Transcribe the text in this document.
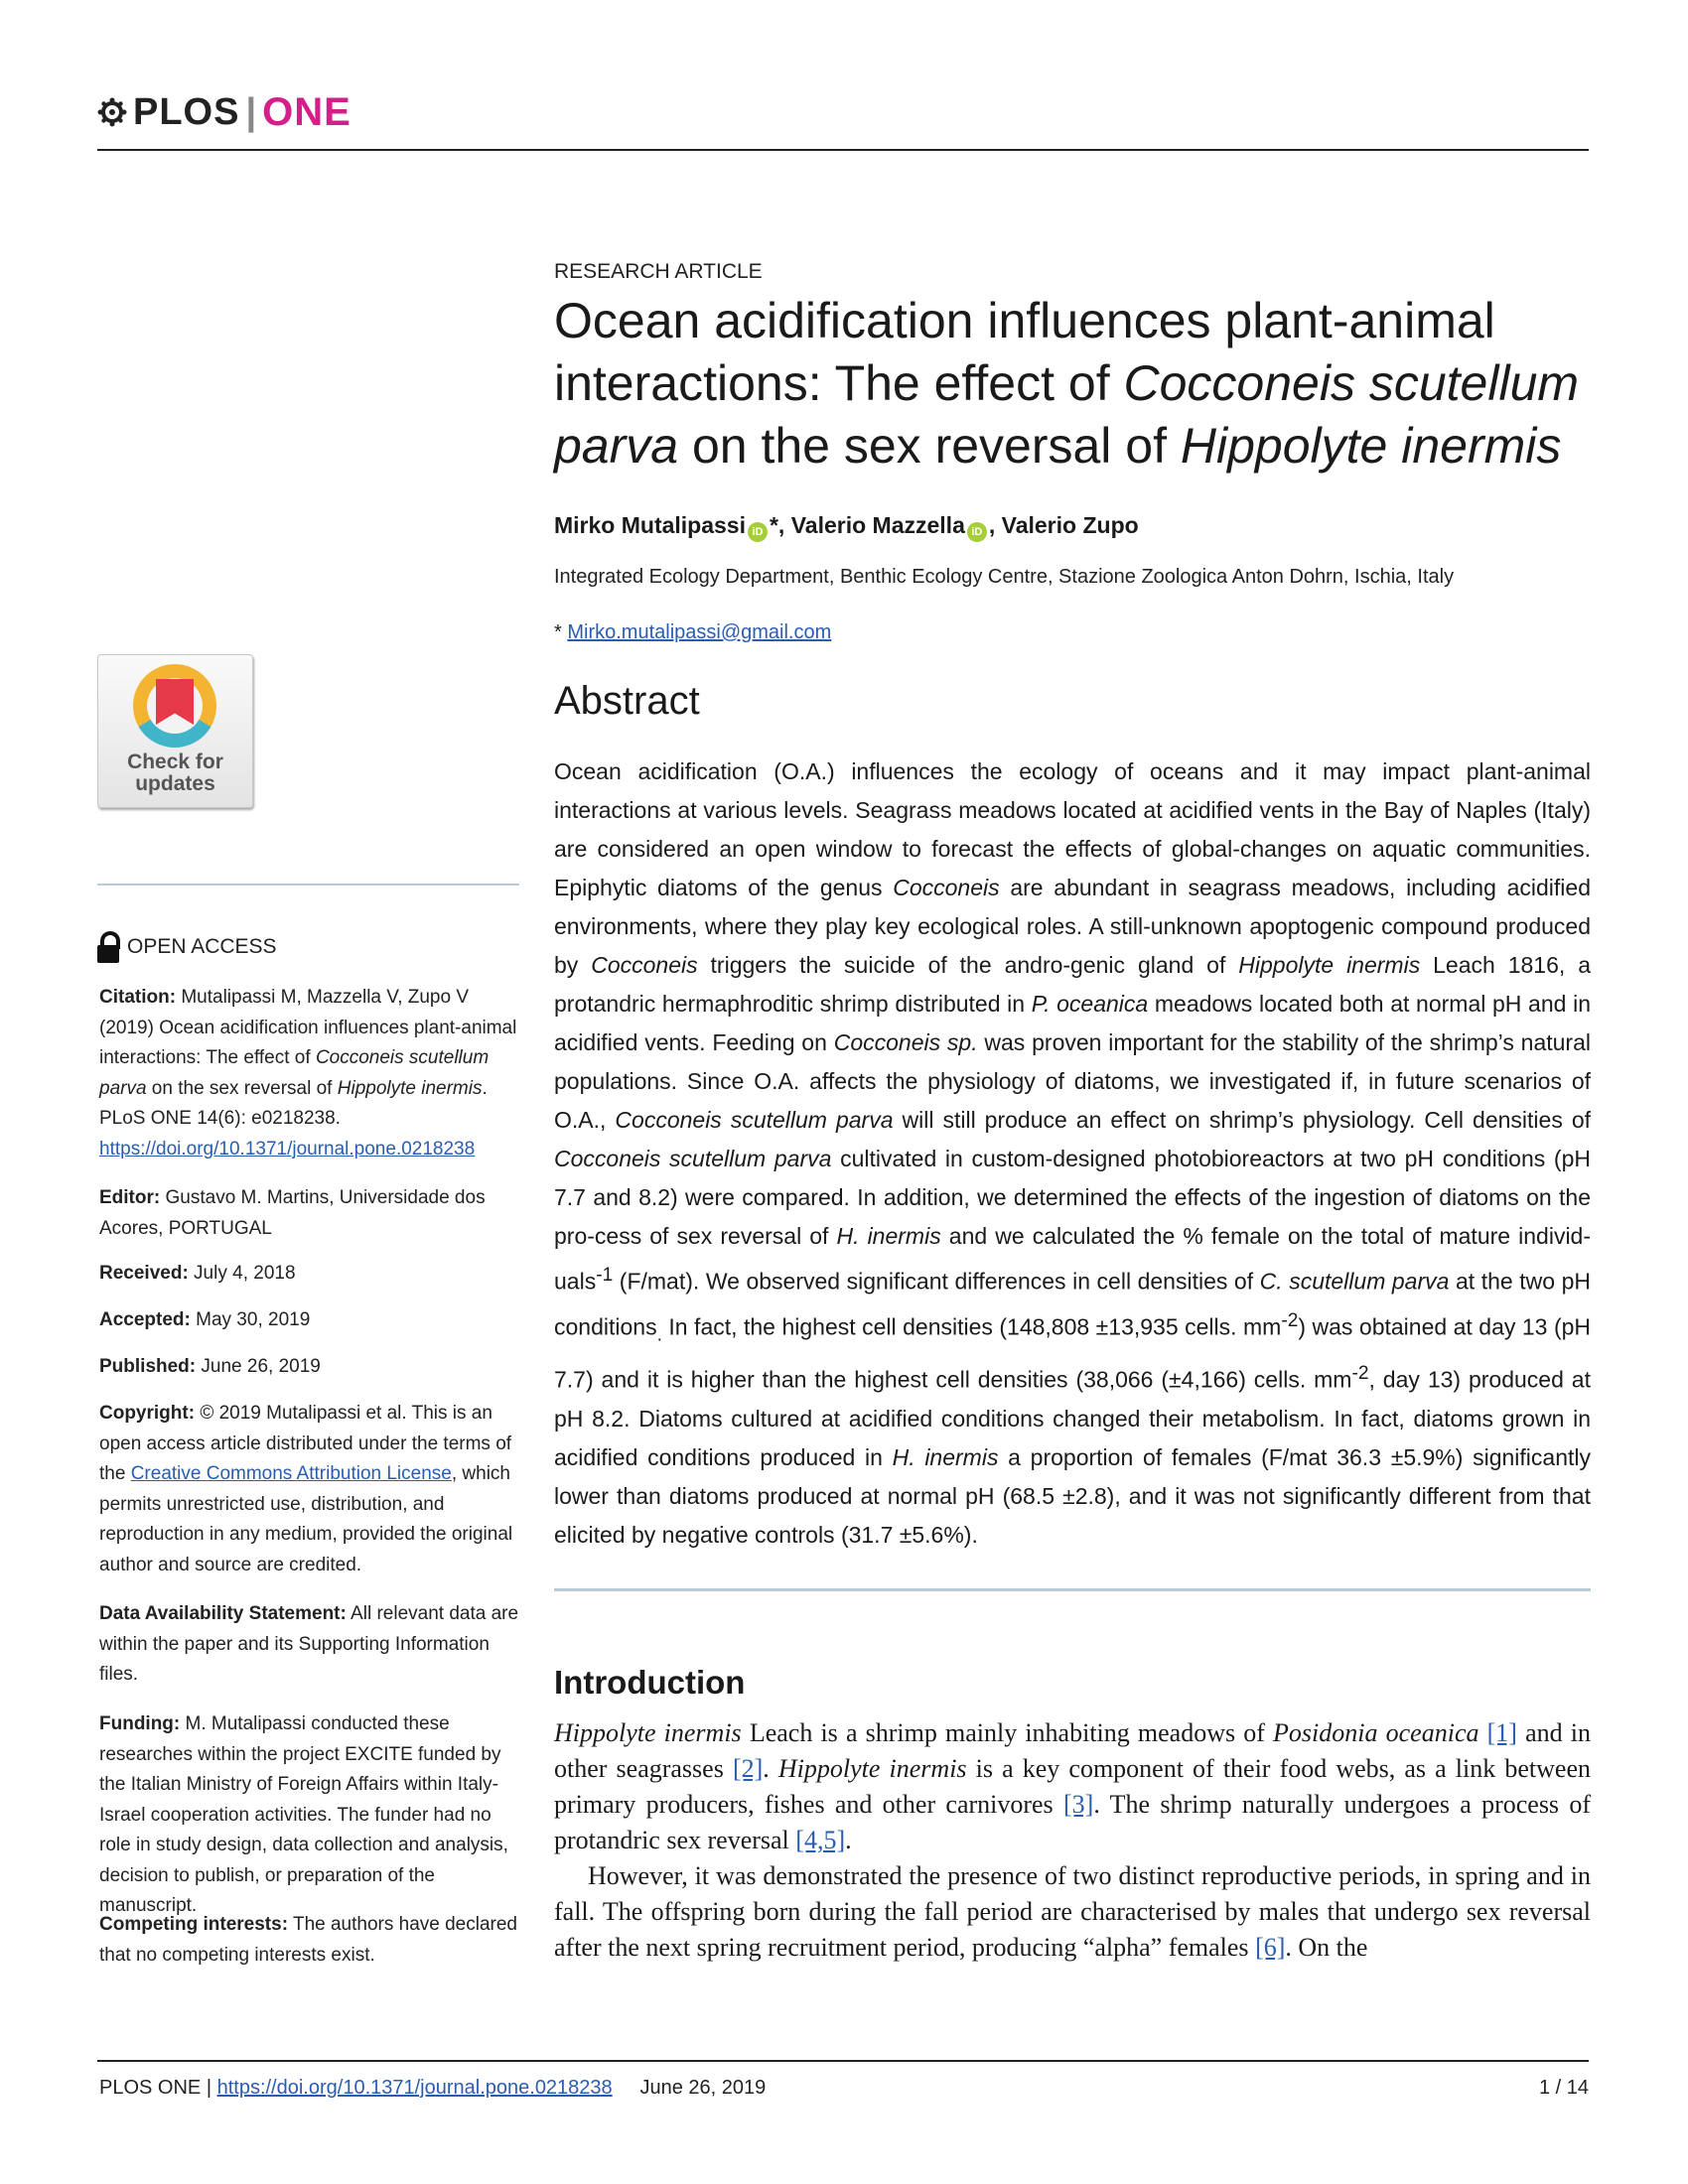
PLOS | ONE
RESEARCH ARTICLE
Ocean acidification influences plant-animal interactions: The effect of Cocconeis scutellum parva on the sex reversal of Hippolyte inermis
Mirko Mutalipassi iD *, Valerio Mazzella iD , Valerio Zupo
Integrated Ecology Department, Benthic Ecology Centre, Stazione Zoologica Anton Dohrn, Ischia, Italy
* Mirko.mutalipassi@gmail.com
Abstract

Ocean acidification (O.A.) influences the ecology of oceans and it may impact plant-animal interactions at various levels. Seagrass meadows located at acidified vents in the Bay of Naples (Italy) are considered an open window to forecast the effects of global-changes on aquatic communities. Epiphytic diatoms of the genus Cocconeis are abundant in seagrass meadows, including acidified environments, where they play key ecological roles. A still-unknown apoptogenic compound produced by Cocconeis triggers the suicide of the andro-genic gland of Hippolyte inermis Leach 1816, a protandric hermaphroditic shrimp distributed in P. oceanica meadows located both at normal pH and in acidified vents. Feeding on Cocconeis sp. was proven important for the stability of the shrimp’s natural populations. Since O.A. affects the physiology of diatoms, we investigated if, in future scenarios of O.A., Cocconeis scutellum parva will still produce an effect on shrimp’s physiology. Cell densities of Cocconeis scutellum parva cultivated in custom-designed photobioreactors at two pH conditions (pH 7.7 and 8.2) were compared. In addition, we determined the effects of the ingestion of diatoms on the pro-cess of sex reversal of H. inermis and we calculated the % female on the total of mature individ-uals$^{-1}$ (F/mat). We observed significant differences in cell densities of C. scutellum parva at the two pH conditions$_.$ In fact, the highest cell densities (148,808 ±13,935 cells. $mm^{-2}$) was obtained at day 13 (pH 7.7) and it is higher than the highest cell densities (38,066 (±4,166) cells. $mm^{-2}$, day 13) produced at pH 8.2. Diatoms cultured at acidified conditions changed their metabolism. In fact, diatoms grown in acidified conditions produced in H. inermis a proportion of females (F/mat 36.3 ±5.9%) significantly lower than diatoms produced at normal pH (68.5 ±2.8), and it was not significantly different from that elicited by negative controls (31.7 ±5.6%).

Introduction

Hippolyte inermis Leach is a shrimp mainly inhabiting meadows of Posidonia oceanica [1] and in other seagrasses [2]. Hippolyte inermis is a key component of their food webs, as a link between primary producers, fishes and other carnivores [3]. The shrimp naturally undergoes a process of protandric sex reversal [4,5].

However, it was demonstrated the presence of two distinct reproductive periods, in spring and in fall. The offspring born during the fall period are characterised by males that undergo sex reversal after the next spring recruitment period, producing “alpha” females [6]. On the

Check for updates
OPEN ACCESS

Citation: Mutalipassi M, Mazzella V, Zupo V (2019) Ocean acidification influences plant-animal interactions: The effect of Cocconeis scutellum parva on the sex reversal of Hippolyte inermis. PLoS ONE 14(6): e0218238. https://doi.org/10.1371/journal.pone.0218238

Editor: Gustavo M. Martins, Universidade dos Acores, PORTUGAL

Received: July 4, 2018

Accepted: May 30, 2019

Published: June 26, 2019

Copyright: © 2019 Mutalipassi et al. This is an open access article distributed under the terms of the Creative Commons Attribution License, which permits unrestricted use, distribution, and reproduction in any medium, provided the original author and source are credited.

Data Availability Statement: All relevant data are within the paper and its Supporting Information files.

Funding: M. Mutalipassi conducted these researches within the project EXCITE funded by the Italian Ministry of Foreign Affairs within Italy-Israel cooperation activities. The funder had no role in study design, data collection and analysis, decision to publish, or preparation of the manuscript.

Competing interests: The authors have declared that no competing interests exist.

PLOS ONE | https://doi.org/10.1371/journal.pone.0218238 June 26, 2019	1 / 14
